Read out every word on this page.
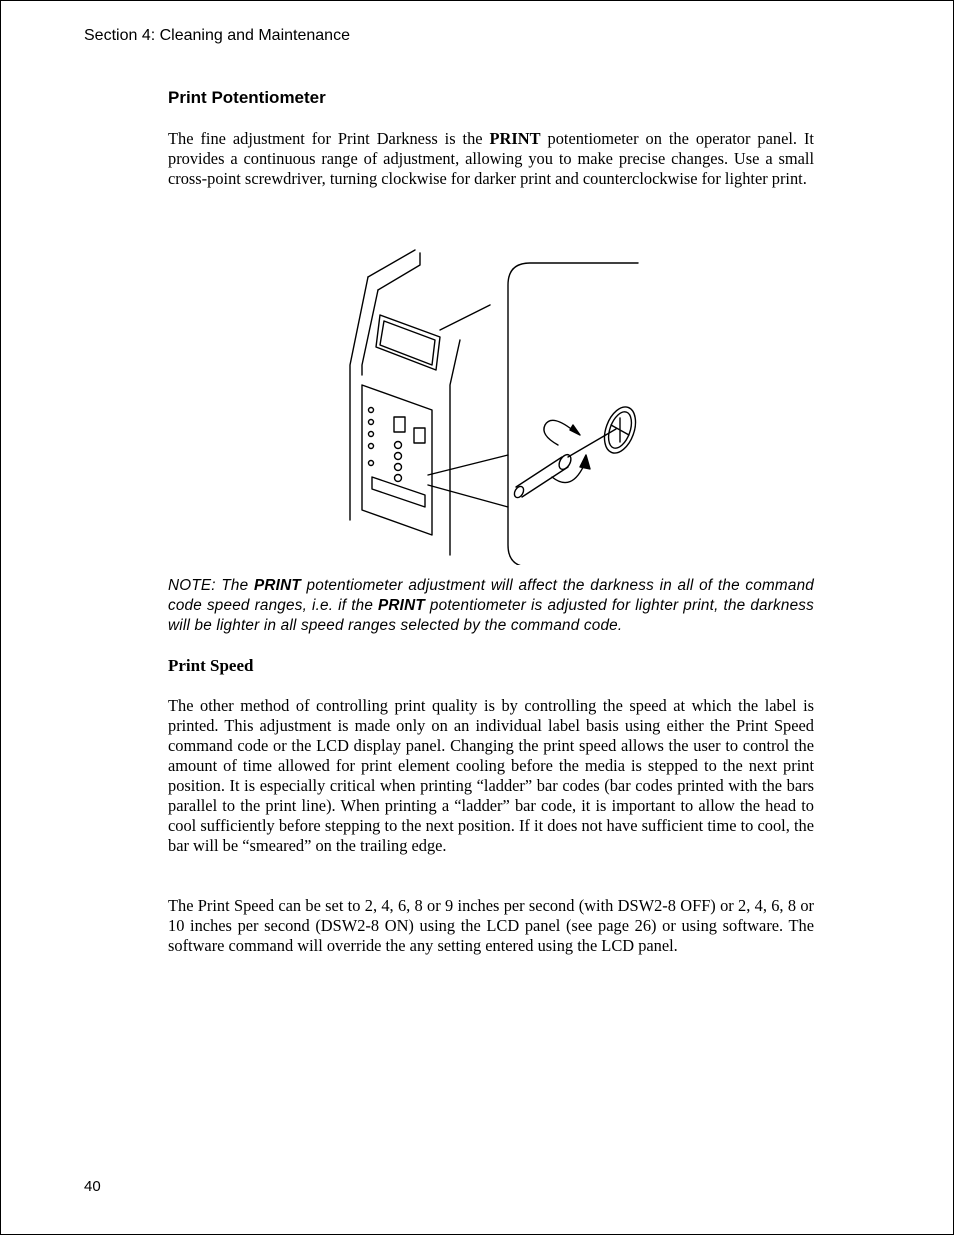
Section 4: Cleaning and Maintenance
Print Potentiometer

The fine adjustment for Print Darkness is the PRINT potentiometer on the operator panel. It provides a continuous range of adjustment, allowing you to make precise changes. Use a small cross-point screwdriver, turning clockwise for darker print and counterclockwise for lighter print.

NOTE: The PRINT potentiometer adjustment will affect the darkness in all of the command code speed ranges, i.e. if the PRINT potentiometer is adjusted for lighter print, the darkness will be lighter in all speed ranges selected by the command code.
Print Speed

The other method of controlling print quality is by controlling the speed at which the label is printed. This adjustment is made only on an individual label basis using either the Print Speed command code or the LCD display panel. Changing the print speed allows the user to control the amount of time allowed for print element cooling before the media is stepped to the next print position. It is especially critical when printing “ladder” bar codes (bar codes printed with the bars parallel to the print line). When printing a “ladder” bar code, it is important to allow the head to cool sufficiently before stepping to the next position. If it does not have sufficient time to cool, the bar will be “smeared” on the trailing edge.

The Print Speed can be set to 2, 4, 6, 8 or 9 inches per second (with DSW2-8 OFF) or 2, 4, 6, 8 or 10 inches per second (DSW2-8 ON) using the LCD panel (see page 26) or using software. The software command will override the any setting entered using the LCD panel.

40
